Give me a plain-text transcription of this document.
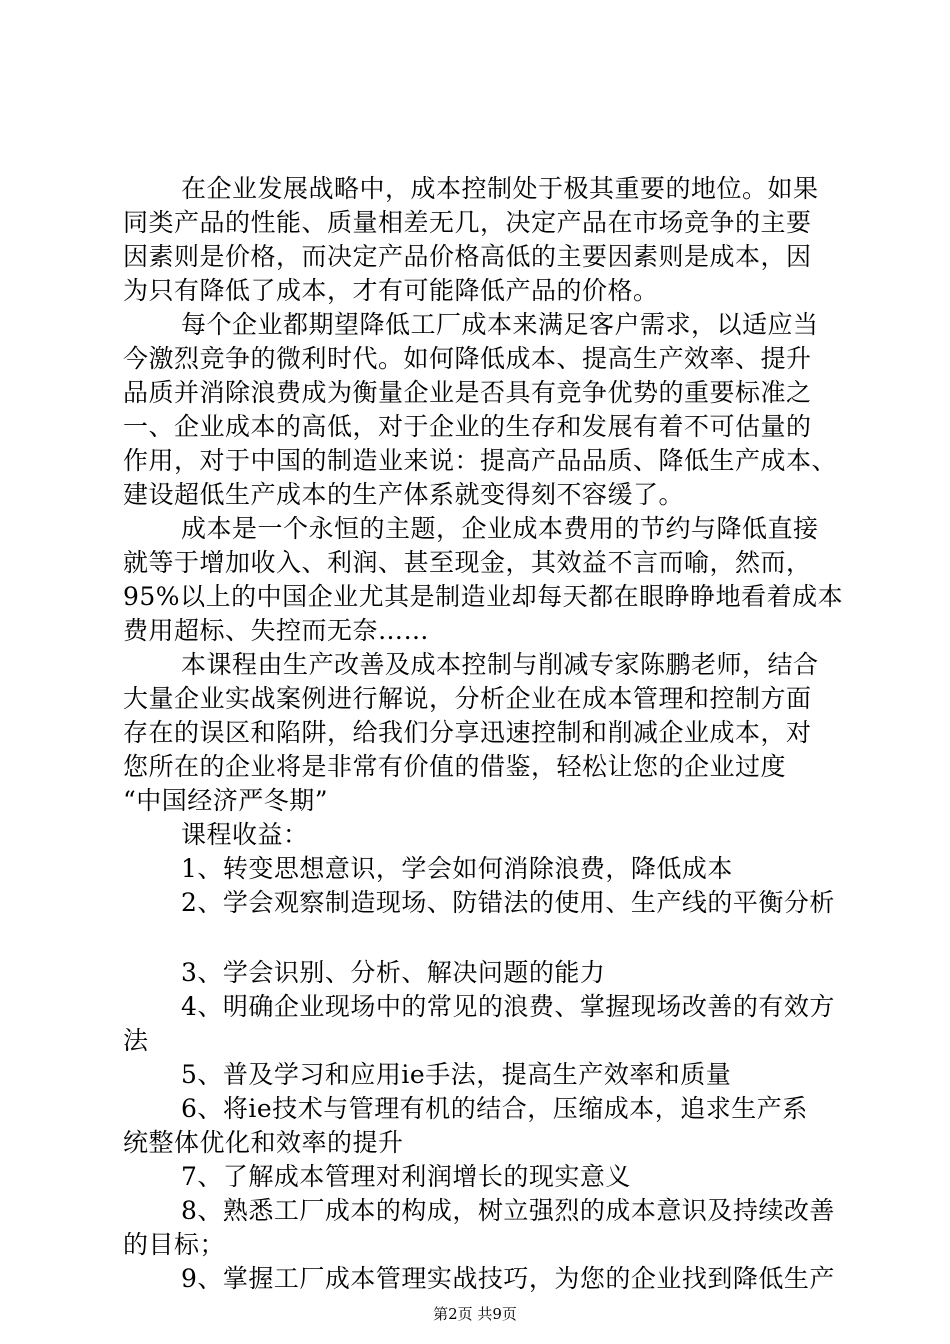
在企业发展战略中，成本控制处于极其重要的地位。如果
同类产品的性能、质量相差无几，决定产品在市场竞争的主要
因素则是价格，而决定产品价格高低的主要因素则是成本，因
为只有降低了成本，才有可能降低产品的价格。
每个企业都期望降低工厂成本来满足客户需求，以适应当
今激烈竞争的微利时代。如何降低成本、提高生产效率、提升
品质并消除浪费成为衡量企业是否具有竞争优势的重要标准之
一、企业成本的高低，对于企业的生存和发展有着不可估量的
作用，对于中国的制造业来说：提高产品品质、降低生产成本、
建设超低生产成本的生产体系就变得刻不容缓了。
成本是一个永恒的主题，企业成本费用的节约与降低直接
就等于增加收入、利润、甚至现金，其效益不言而喻，然而，
95%以上的中国企业尤其是制造业却每天都在眼睁睁地看着成本
费用超标、失控而无奈……
本课程由生产改善及成本控制与削减专家陈鹏老师，结合
大量企业实战案例进行解说，分析企业在成本管理和控制方面
存在的误区和陷阱，给我们分享迅速控制和削减企业成本，对
您所在的企业将是非常有价值的借鉴，轻松让您的企业过度
“中国经济严冬期”
课程收益：
1、转变思想意识，学会如何消除浪费，降低成本
2、学会观察制造现场、防错法的使用、生产线的平衡分析
3、学会识别、分析、解决问题的能力
4、明确企业现场中的常见的浪费、掌握现场改善的有效方
法
5、普及学习和应用ie手法，提高生产效率和质量
6、将ie技术与管理有机的结合，压缩成本，追求生产系
统整体优化和效率的提升
7、了解成本管理对利润增长的现实意义
8、熟悉工厂成本的构成，树立强烈的成本意识及持续改善
的目标；
9、掌握工厂成本管理实战技巧，为您的企业找到降低生产
第2页 共9页
